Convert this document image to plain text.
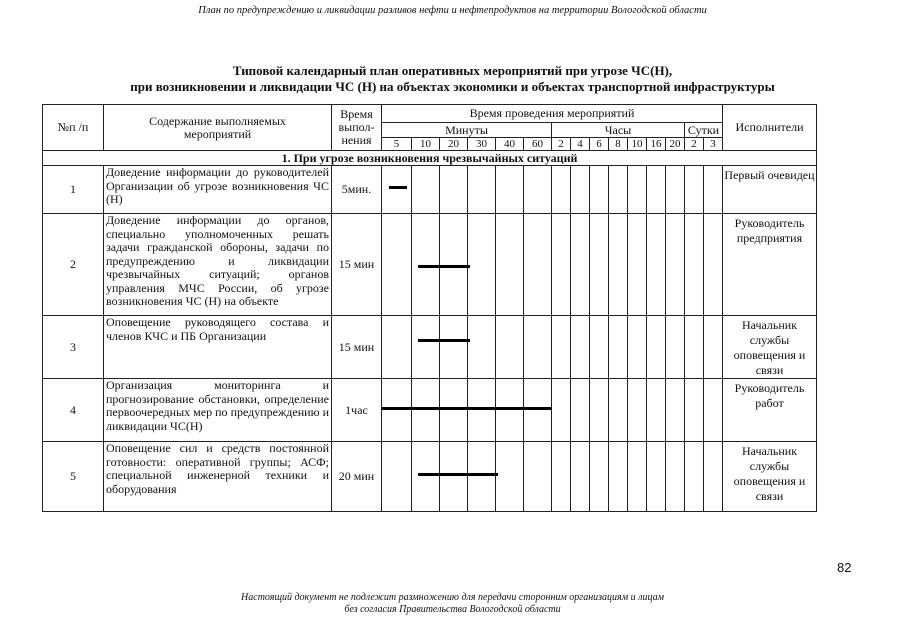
План по предупреждению и ликвидации разливов нефти и нефтепродуктов на территории Вологодской области
Типовой календарный план оперативных мероприятий при угрозе ЧС(Н),
при возникновении и ликвидации ЧС (Н) на объектах экономики и объектах транспортной инфраструктуры
№п /п	Содержание выполняемых мероприятий	Время выпол- нения	Время проведения мероприятий															Исполнители
			Минуты						Часы							Сутки		
			5	10	20	30	40	60	2	4	6	8	10	16	20	2	3	
1. При угрозе возникновения чрезвычайных ситуаций																		
1	Доведение информации до руководителей Организации об угрозе возникновения ЧС (Н)	5мин.																Первый очевидец
2	Доведение информации до органов, специально уполномоченных решать задачи гражданской обороны, задачи по предупреждению и ликвидации чрезвычайных ситуаций; органов управления МЧС России, об угрозе возникновения ЧС (Н) на объекте	15 мин																Руководитель предприятия
3	Оповещение руководящего состава и членов КЧС и ПБ Организации	15 мин																Начальник службы оповещения и связи
4	Организация мониторинга и прогнозирование обстановки, определение первоочередных мер по предупреждению и ликвидации ЧС(Н)	1час																Руководитель работ
5	Оповещение сил и средств постоянной готовности: оперативной группы; АСФ; специальной инженерной техники и оборудования	20 мин																Начальник службы оповещения и связи
82
Настоящий документ не подлежит размножению для передачи сторонним организациям и лицам
без согласия Правительства Вологодской области
